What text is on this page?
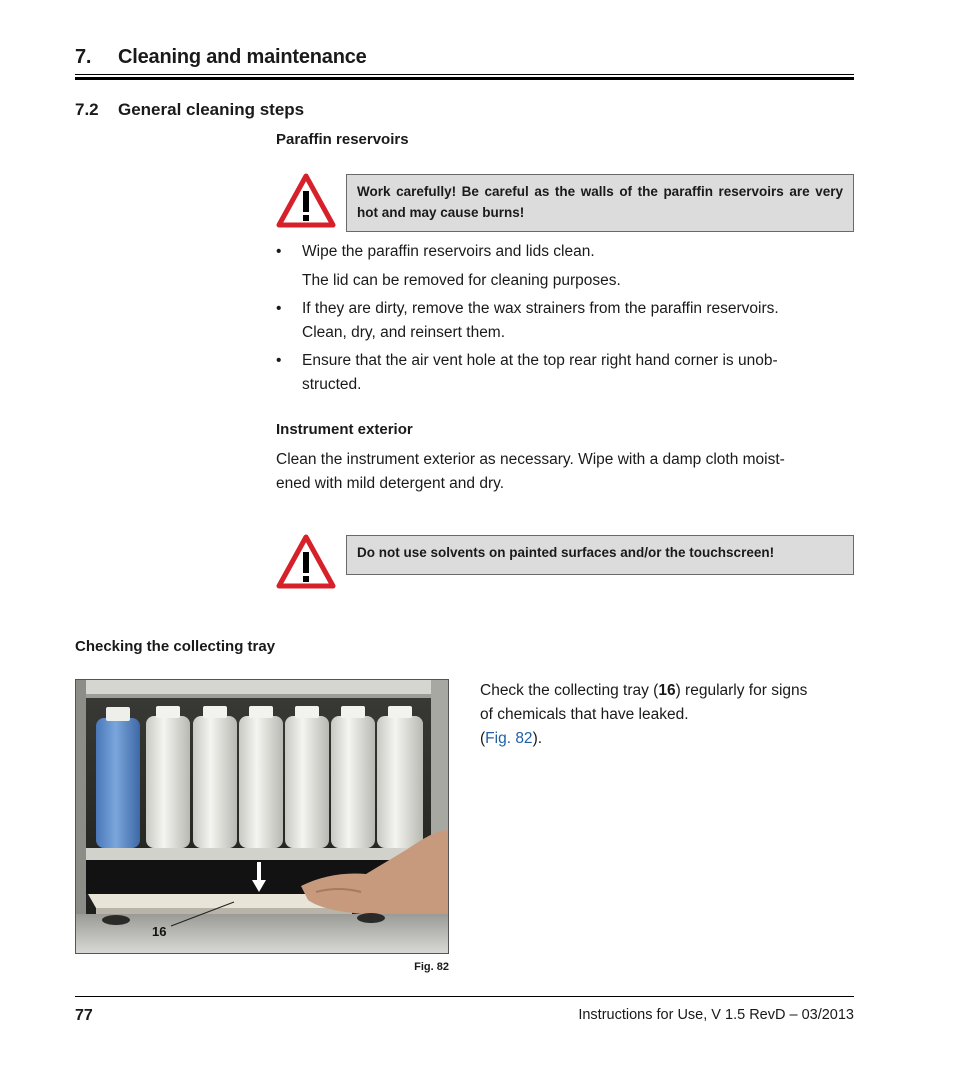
7. Cleaning and maintenance
7.2 General cleaning steps
Paraffin reservoirs
Work carefully! Be careful as the walls of the paraffin reservoirs are very hot and may cause burns!
• Wipe the paraffin reservoirs and lids clean.
The lid can be removed for cleaning purposes.
• If they are dirty, remove the wax strainers from the paraffin reservoirs.
Clean, dry, and reinsert them.
• Ensure that the air vent hole at the top rear right hand corner is unob-
structed.
Instrument exterior
Clean the instrument exterior as necessary. Wipe with a damp cloth moist-
ened with mild detergent and dry.
Do not use solvents on painted surfaces and/or the touchscreen!
Checking the collecting tray
16
Fig. 82
Check the collecting tray (16) regularly for signs
of chemicals that have leaked.
(Fig. 82).
77	Instructions for Use, V 1.5 RevD – 03/2013
